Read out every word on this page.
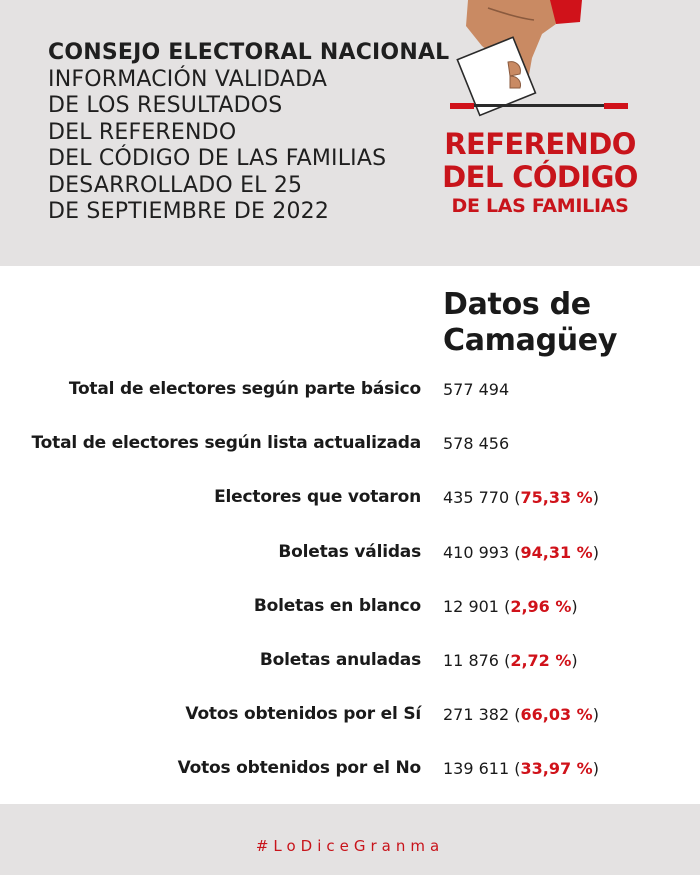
CONSEJO ELECTORAL NACIONAL
INFORMACIÓN VALIDADA
DE LOS RESULTADOS
DEL REFERENDO
DEL CÓDIGO DE LAS FAMILIAS
DESARROLLADO EL 25
DE SEPTIEMBRE DE 2022
REFERENDO
DEL CÓDIGO
DE LAS FAMILIAS
Datos de
Camagüey
Total de electores según parte básico 577 494
Total de electores según lista actualizada 578 456
Electores que votaron 435 770 (75,33 %)
Boletas válidas 410 993 (94,31 %)
Boletas en blanco 12 901 (2,96 %)
Boletas anuladas 11 876 (2,72 %)
Votos obtenidos por el Sí 271 382 (66,03 %)
Votos obtenidos por el No 139 611 (33,97 %)
#LoDiceGranma
